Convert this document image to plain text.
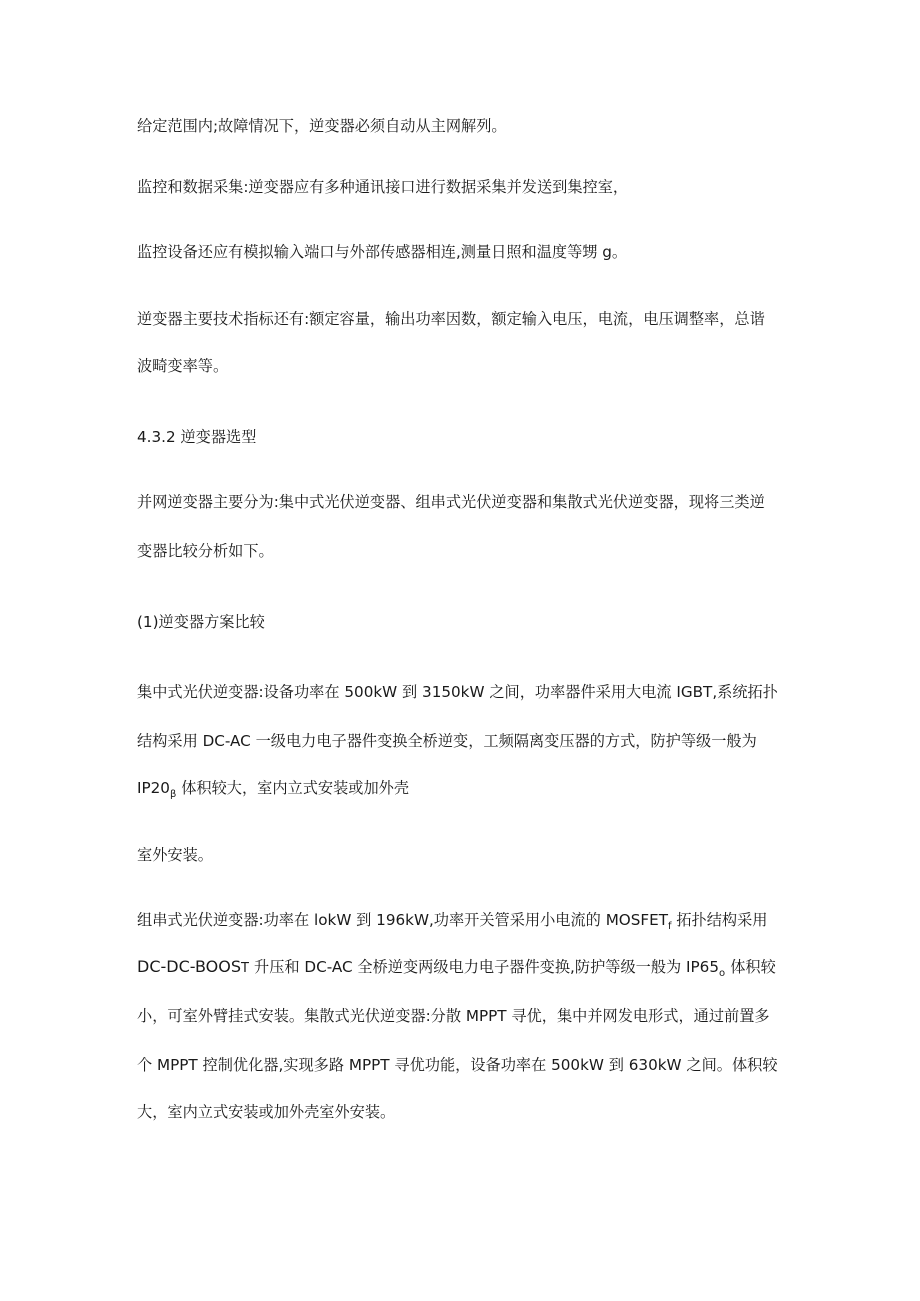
给定范围内;故障情况下，逆变器必须自动从主网解列。
监控和数据采集:逆变器应有多种通讯接口进行数据采集并发送到集控室，
监控设备还应有模拟输入端口与外部传感器相连,测量日照和温度等甥 g。
逆变器主要技术指标还有:额定容量，输出功率因数，额定输入电压，电流，电压调整率，总谐
波畸变率等。
4.3.2 逆变器选型
并网逆变器主要分为:集中式光伏逆变器、组串式光伏逆变器和集散式光伏逆变器，现将三类逆
变器比较分析如下。
(1)逆变器方案比较
集中式光伏逆变器:设备功率在 500kW 到 3150kW 之间，功率器件采用大电流 IGBT,系统拓扑
结构采用 DC-AC 一级电力电子器件变换全桥逆变，工频隔离变压器的方式，防护等级一般为
$IP20_\beta$ 体积较大，室内立式安装或加外壳
室外安装。
组串式光伏逆变器:功率在 lokW 到 196kW,功率开关管采用小电流的 $MOSFET_f$ 拓扑结构采用
DC-DC-BOOST 升压和 DC-AC 全桥逆变两级电力电子器件变换,防护等级一般为 $IP65_o$ 体积较
小，可室外臂挂式安装。集散式光伏逆变器:分散 MPPT 寻优，集中并网发电形式，通过前置多
个 MPPT 控制优化器,实现多路 MPPT 寻优功能，设备功率在 500kW 到 630kW 之间。体积较
大，室内立式安装或加外壳室外安装。
